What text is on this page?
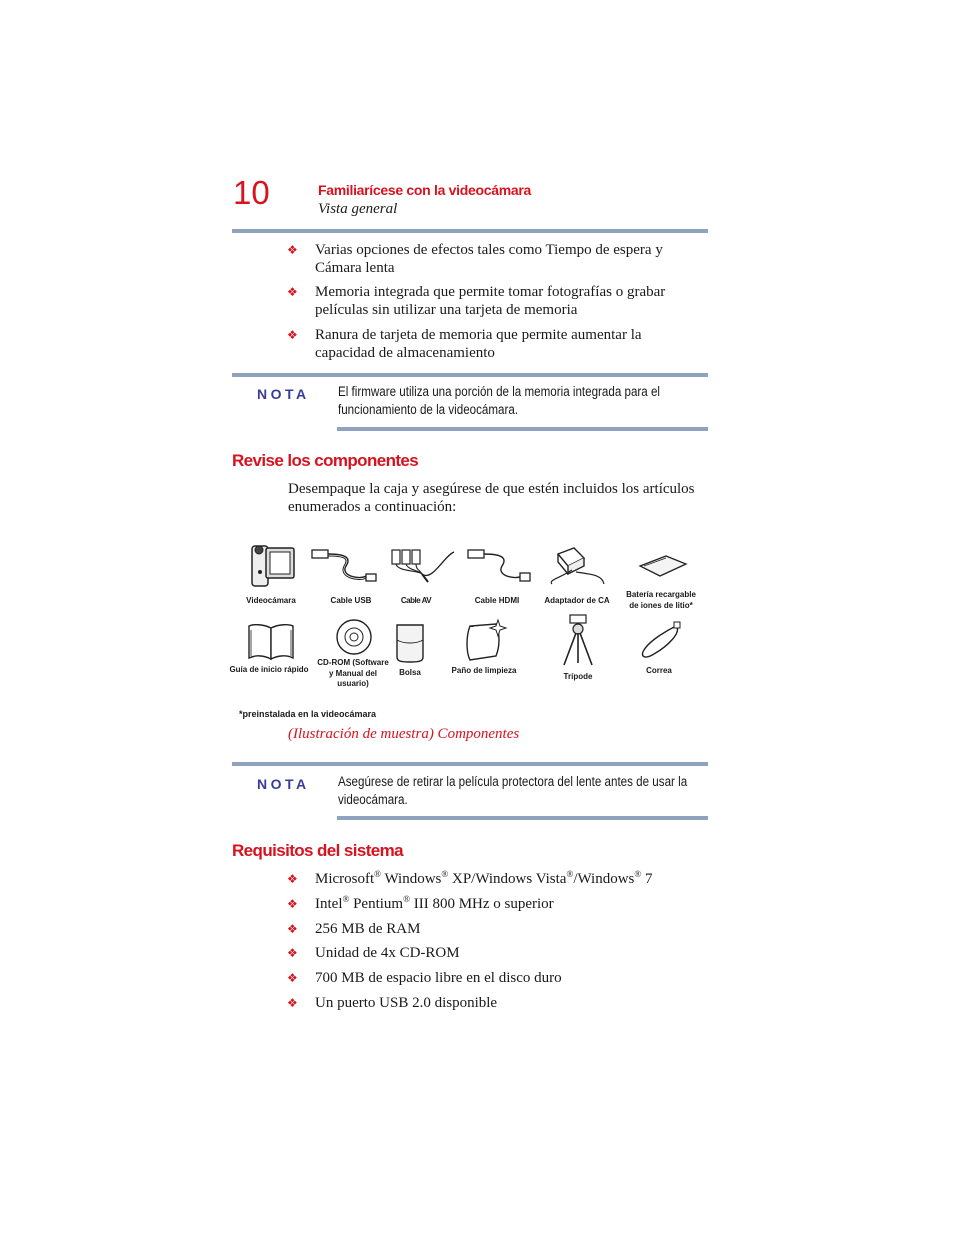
10	Familiarícese con la videocámara
Vista general
❖ Varias opciones de efectos tales como Tiempo de espera y Cámara lenta
❖ Memoria integrada que permite tomar fotografías o grabar películas sin utilizar una tarjeta de memoria
❖ Ranura de tarjeta de memoria que permite aumentar la capacidad de almacenamiento
NOTA El firmware utiliza una porción de la memoria integrada para el funcionamiento de la videocámara.
Revise los componentes
Desempaque la caja y asegúrese de que estén incluidos los artículos enumerados a continuación:
Videocámara	Cable USB	Cable AV	Cable HDMI	Adaptador de CA
Batería recargable de iones de litio*
Guía de inicio rápido
CD-ROM (Software y Manual del usuario)
Bolsa	Paño de limpieza
Trípode
Correa
*preinstalada en la videocámara
(Ilustración de muestra) Componentes
NOTA Asegúrese de retirar la película protectora del lente antes de usar la videocámara.
Requisitos del sistema
❖ Microsoft® Windows® XP/Windows Vista®/Windows® 7
❖ Intel® Pentium® III 800 MHz o superior
❖ 256 MB de RAM
❖ Unidad de 4x CD-ROM
❖ 700 MB de espacio libre en el disco duro
❖ Un puerto USB 2.0 disponible
